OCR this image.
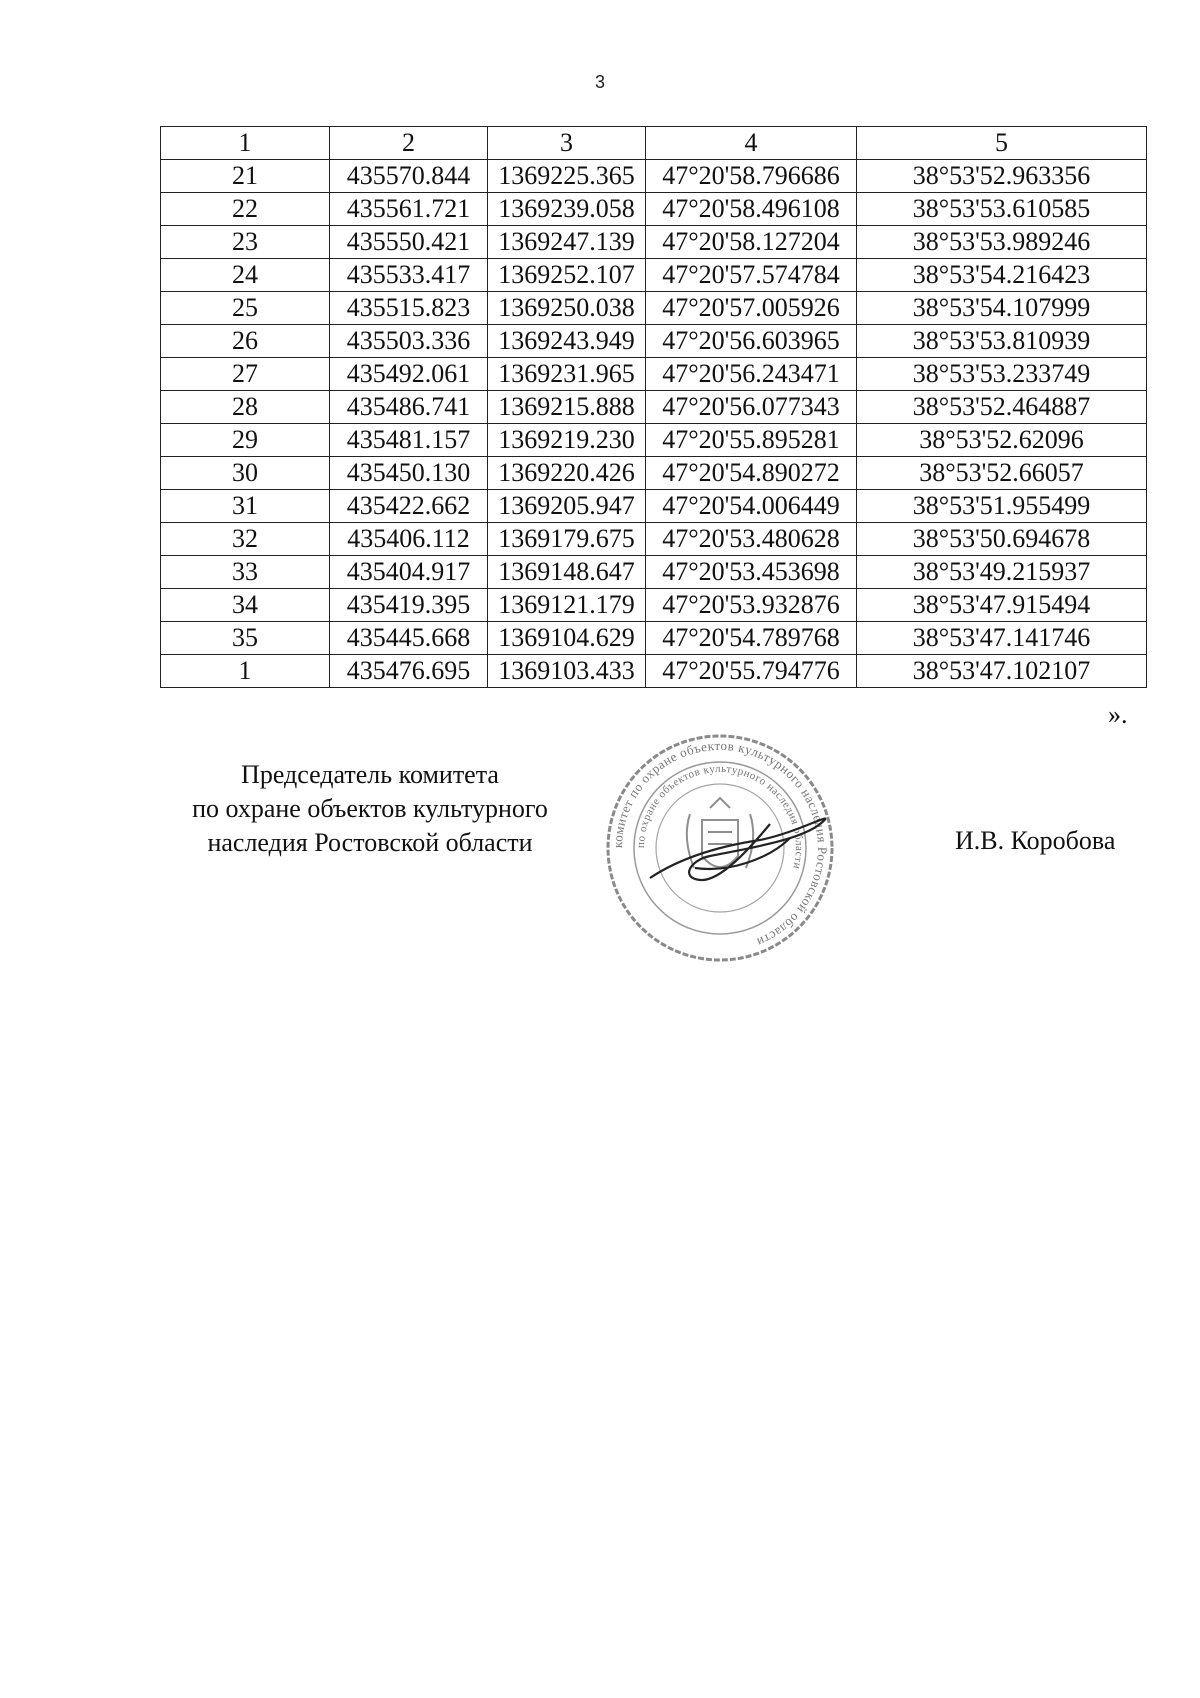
3
1	2	3	4	5
21	435570.844	1369225.365	47°20'58.796686	38°53'52.963356
22	435561.721	1369239.058	47°20'58.496108	38°53'53.610585
23	435550.421	1369247.139	47°20'58.127204	38°53'53.989246
24	435533.417	1369252.107	47°20'57.574784	38°53'54.216423
25	435515.823	1369250.038	47°20'57.005926	38°53'54.107999
26	435503.336	1369243.949	47°20'56.603965	38°53'53.810939
27	435492.061	1369231.965	47°20'56.243471	38°53'53.233749
28	435486.741	1369215.888	47°20'56.077343	38°53'52.464887
29	435481.157	1369219.230	47°20'55.895281	38°53'52.62096
30	435450.130	1369220.426	47°20'54.890272	38°53'52.66057
31	435422.662	1369205.947	47°20'54.006449	38°53'51.955499
32	435406.112	1369179.675	47°20'53.480628	38°53'50.694678
33	435404.917	1369148.647	47°20'53.453698	38°53'49.215937
34	435419.395	1369121.179	47°20'53.932876	38°53'47.915494
35	435445.668	1369104.629	47°20'54.789768	38°53'47.141746
1	435476.695	1369103.433	47°20'55.794776	38°53'47.102107
».
Председатель комитета
по охране объектов культурного
наследия Ростовской области	комитет по охране объектов культурного наследия Ростовской области
по охране объектов культурного наследия области
И.В. Коробова
